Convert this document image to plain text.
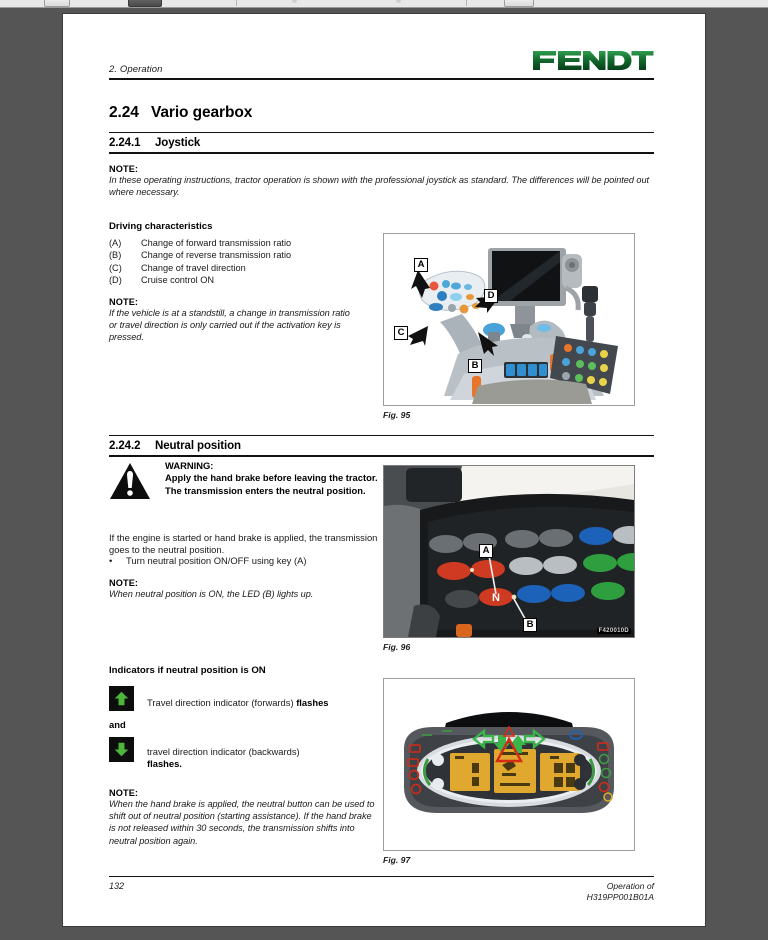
2. Operation
2.24 Vario gearbox
2.24.1 Joystick
NOTE:
In these operating instructions, tractor operation is shown with the professional joystick as standard. The differences will be pointed out where necessary.
Driving characteristics
(A)	Change of forward transmission ratio
(B)	Change of reverse transmission ratio
(C)	Change of travel direction
(D)	Cruise control ON
NOTE:
If the vehicle is at a standstill, a change in transmission ratio or travel direction is only carried out if the activation key is pressed.
A
B
C
D
Fig. 95
2.24.2 Neutral position
WARNING:
Apply the hand brake before leaving the tractor. The transmission enters the neutral position.
If the engine is started or hand brake is applied, the transmission goes to the neutral position.
•	Turn neutral position ON/OFF using key (A)
NOTE:
When neutral position is ON, the LED (B) lights up.	N
A
B
F420010D
Fig. 96
Indicators if neutral position is ON
Travel direction indicator (forwards) flashes
and
travel direction indicator (backwards)
flashes.
NOTE:
When the hand brake is applied, the neutral button can be used to shift out of neutral position (starting assistance). If the hand brake is not released within 30 seconds, the transmission shifts into neutral position again.
Fig. 97
132	Operation of
H319PP001B01A
